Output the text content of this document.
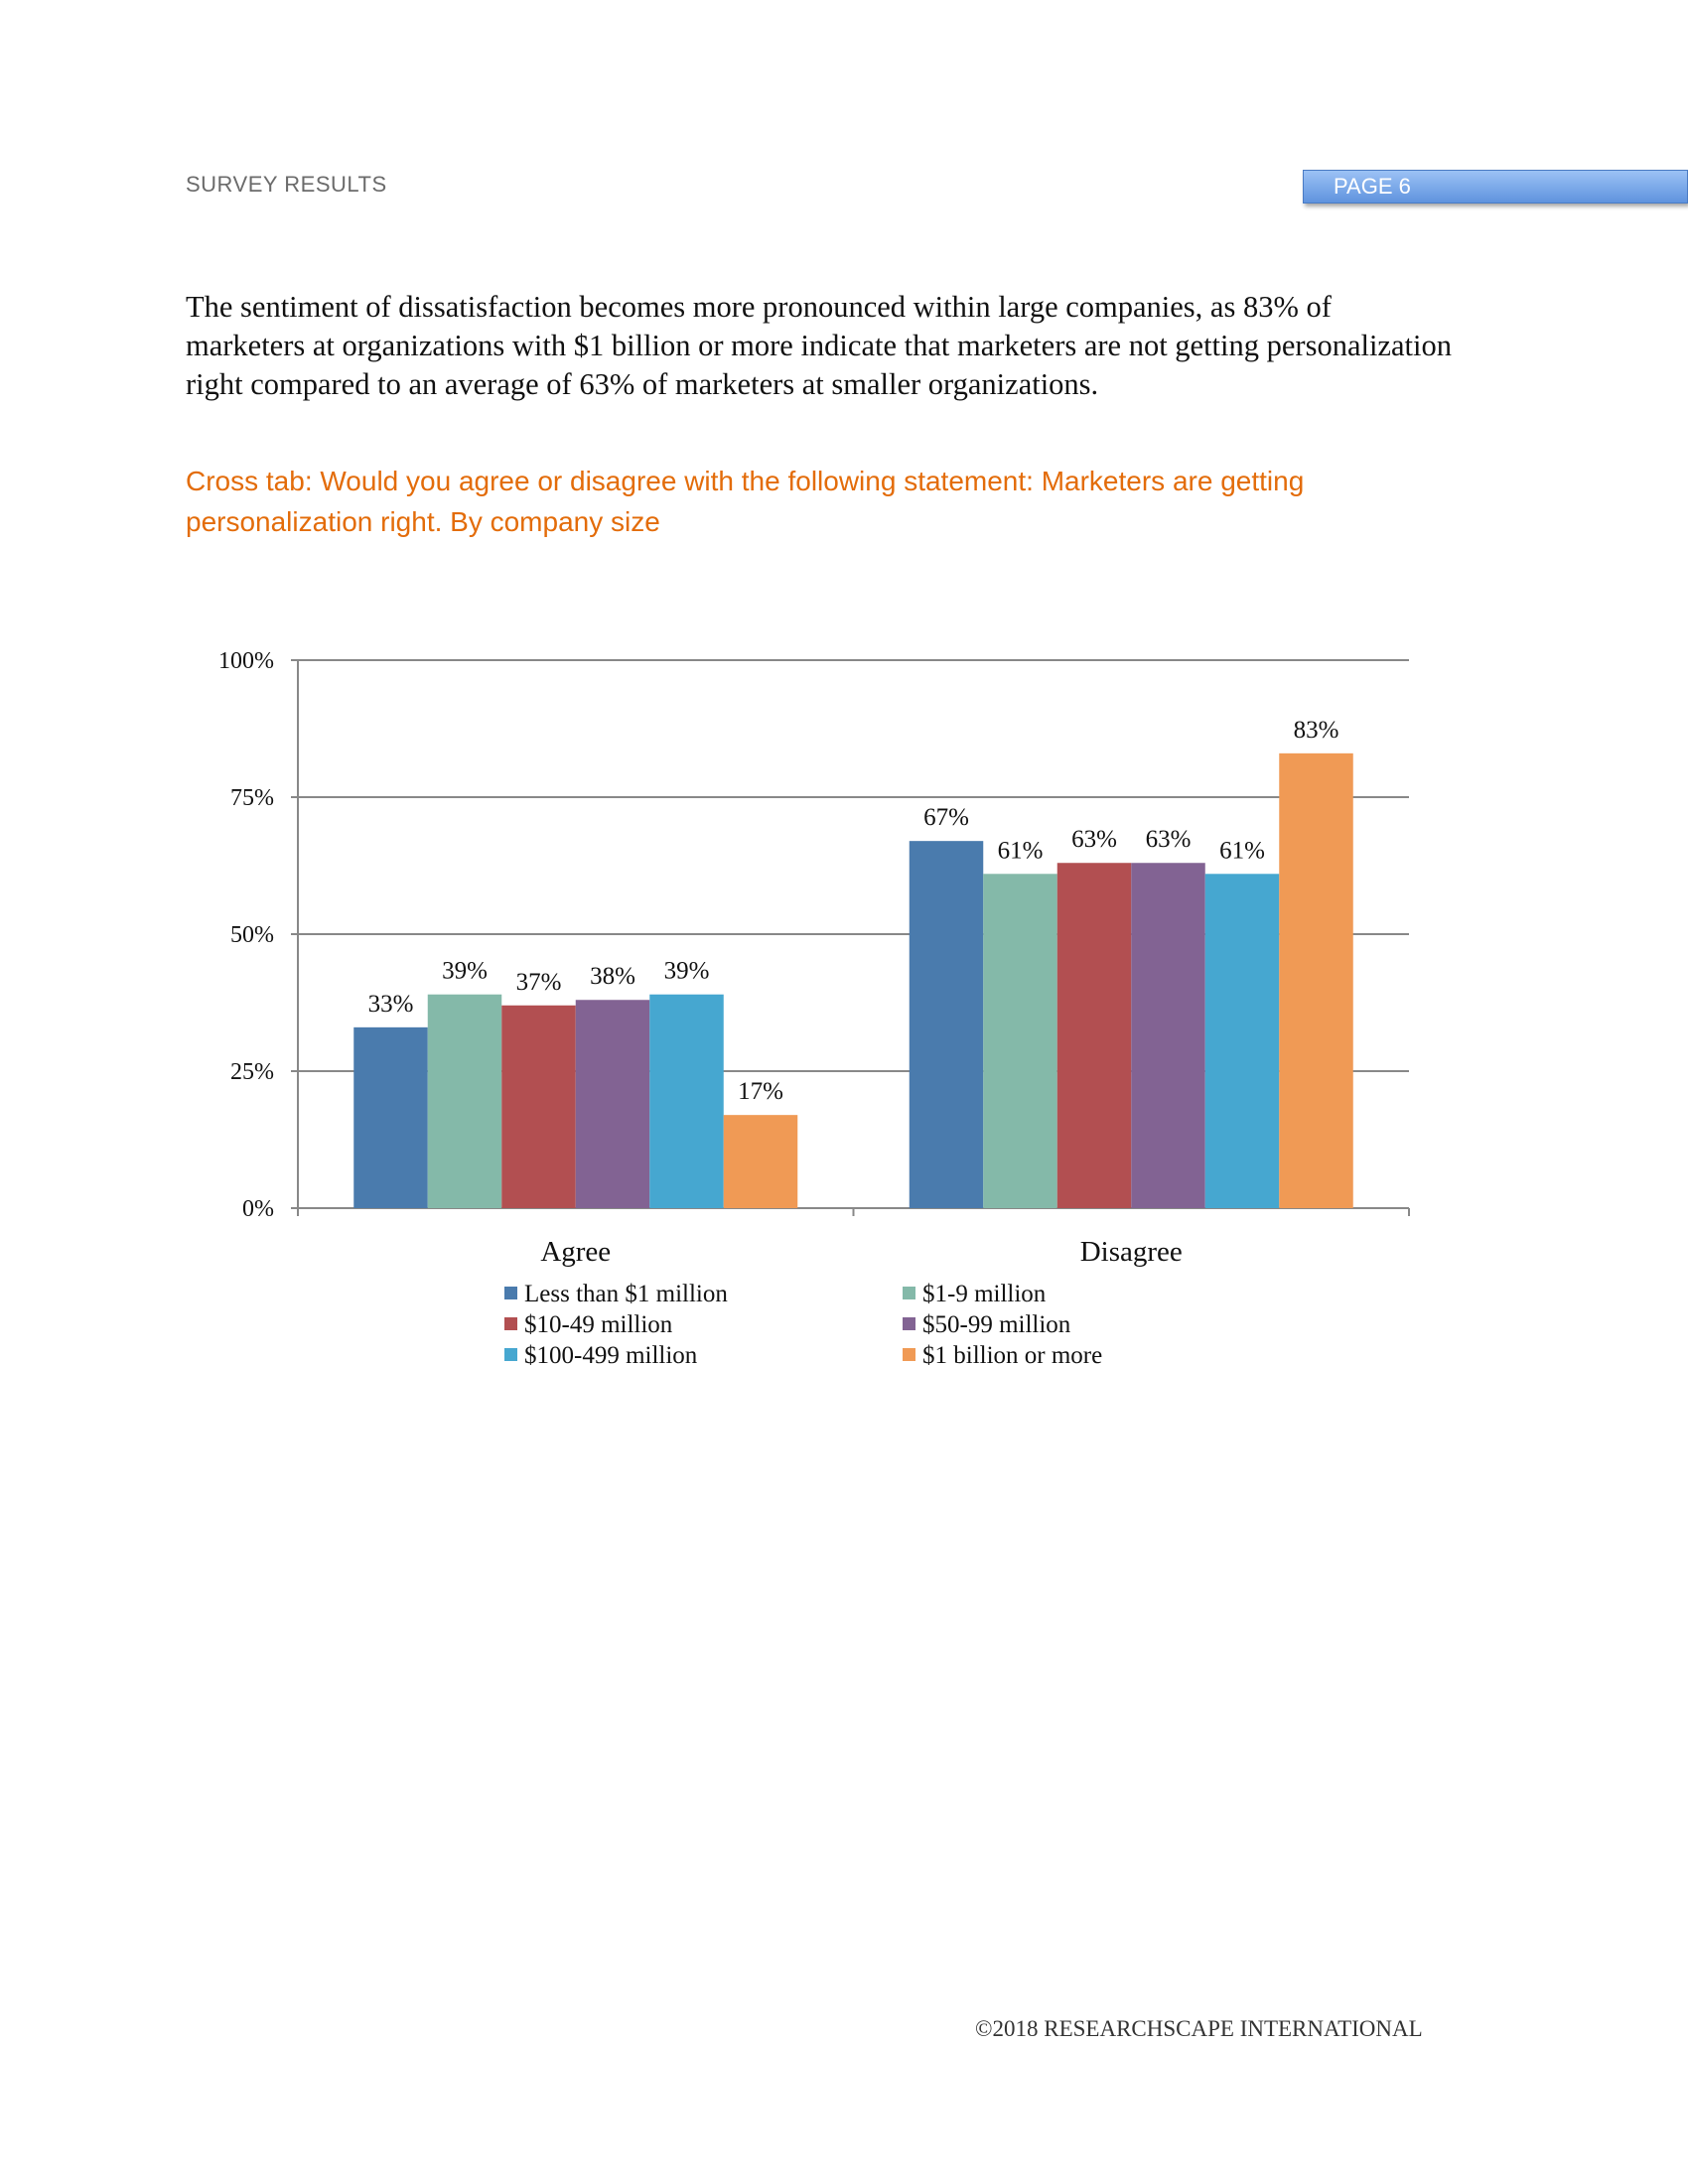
SURVEY RESULTS	PAGE 6
The sentiment of dissatisfaction becomes more pronounced within large companies, as 83% of marketers at organizations with $1 billion or more indicate that marketers are not getting personalization right compared to an average of 63% of marketers at smaller organizations.
Cross tab: Would you agree or disagree with the following statement: Marketers are getting personalization right. By company size
0%
25%
50%
75%
100%
Agree
33%
39% 37% 38% 39%
17%
Disagree
67%
61% 63% 63% 61%
83%
Less than $1 million	$1-9 million
$10-49 million	$50-99 million
$100-499 million	$1 billion or more
©2018 RESEARCHSCAPE INTERNATIONAL
